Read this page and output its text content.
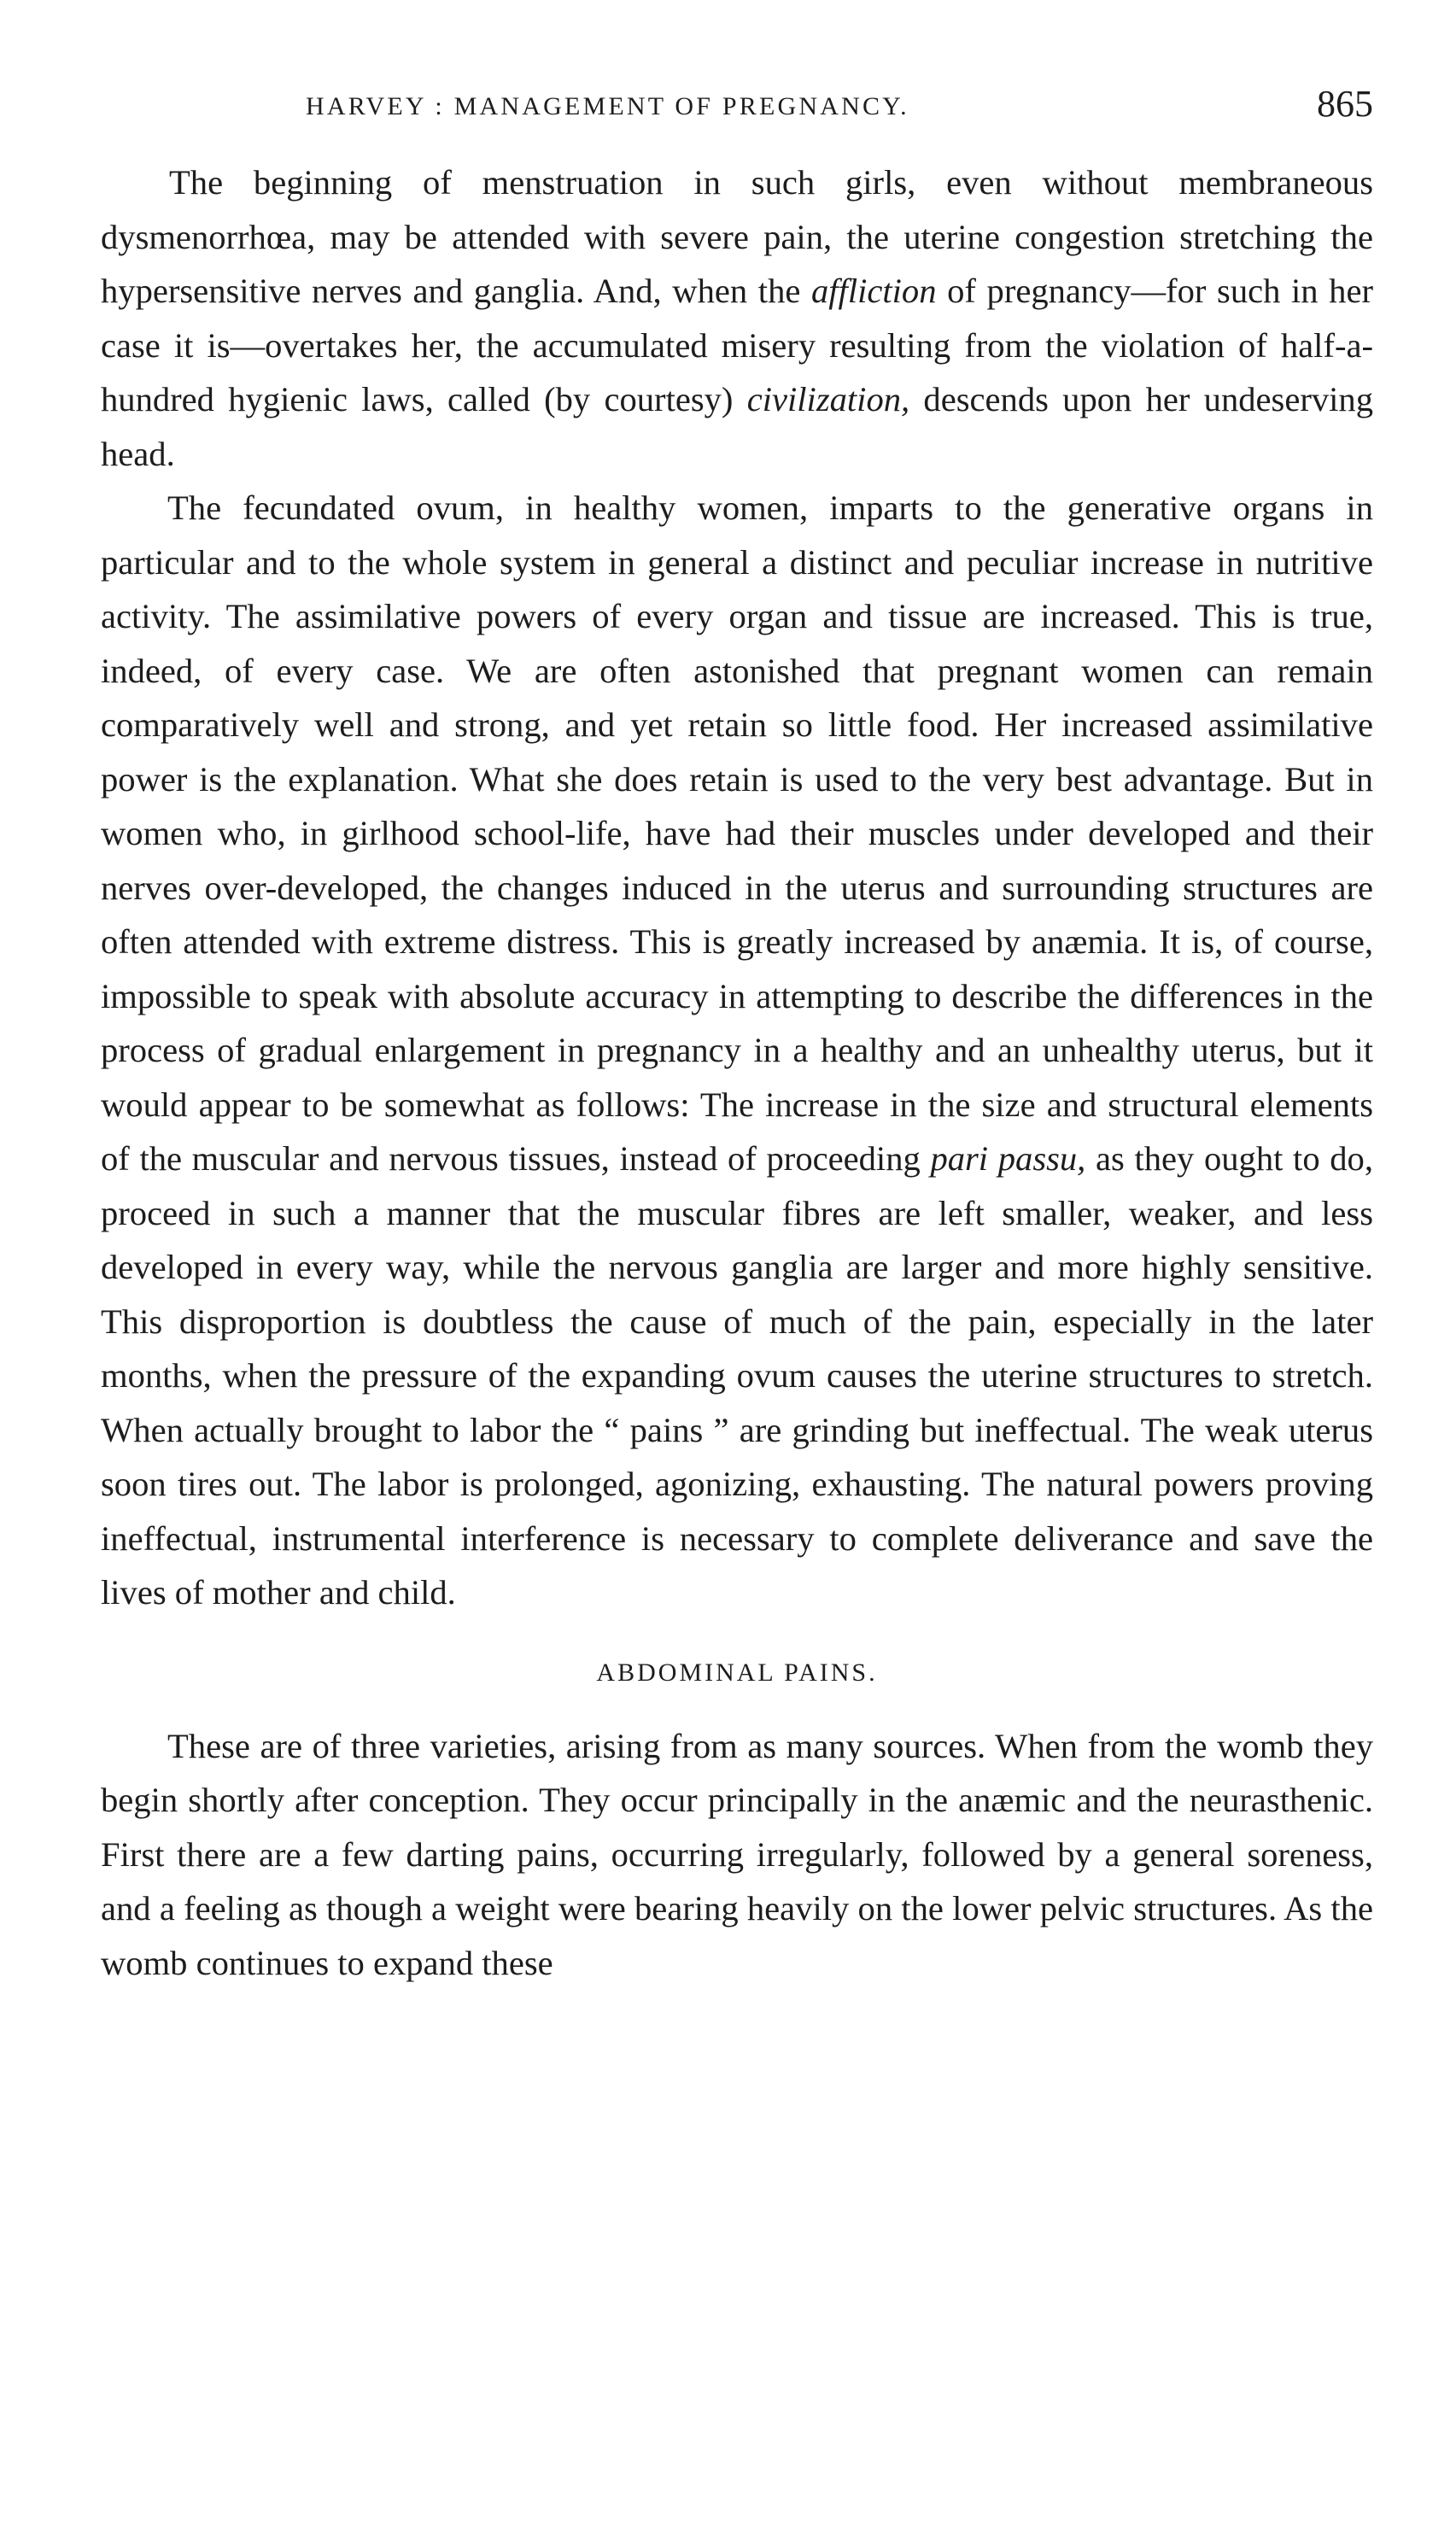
HARVEY : MANAGEMENT OF PREGNANCY.	865

The beginning of menstruation in such girls, even without membraneous dysmenorrhœa, may be attended with severe pain, the uterine congestion stretching the hypersensitive nerves and ganglia. And, when the affliction of pregnancy—for such in her case it is—overtakes her, the accumulated misery resulting from the violation of half-a-hundred hygienic laws, called (by courtesy) civilization, descends upon her undeserving head.

The fecundated ovum, in healthy women, imparts to the generative organs in particular and to the whole system in general a distinct and peculiar increase in nutritive activity. The assimilative powers of every organ and tissue are increased. This is true, indeed, of every case. We are often astonished that pregnant women can remain comparatively well and strong, and yet retain so little food. Her increased assimilative power is the explanation. What she does retain is used to the very best advantage. But in women who, in girlhood school-life, have had their muscles under developed and their nerves over-developed, the changes induced in the uterus and surrounding structures are often attended with extreme distress. This is greatly increased by anæmia. It is, of course, impossible to speak with absolute accuracy in attempting to describe the differences in the process of gradual enlargement in pregnancy in a healthy and an unhealthy uterus, but it would appear to be somewhat as follows: The increase in the size and structural elements of the muscular and nervous tissues, instead of proceeding pari passu, as they ought to do, proceed in such a manner that the muscular fibres are left smaller, weaker, and less developed in every way, while the nervous ganglia are larger and more highly sensitive. This disproportion is doubtless the cause of much of the pain, especially in the later months, when the pressure of the expanding ovum causes the uterine structures to stretch. When actually brought to labor the “ pains ” are grinding but ineffectual. The weak uterus soon tires out. The labor is prolonged, agonizing, exhausting. The natural powers proving ineffectual, instrumental interference is necessary to complete deliverance and save the lives of mother and child.

ABDOMINAL PAINS.

These are of three varieties, arising from as many sources. When from the womb they begin shortly after conception. They occur principally in the anæmic and the neurasthenic. First there are a few darting pains, occurring irregularly, followed by a general soreness, and a feeling as though a weight were bearing heavily on the lower pelvic structures. As the womb continues to expand these
